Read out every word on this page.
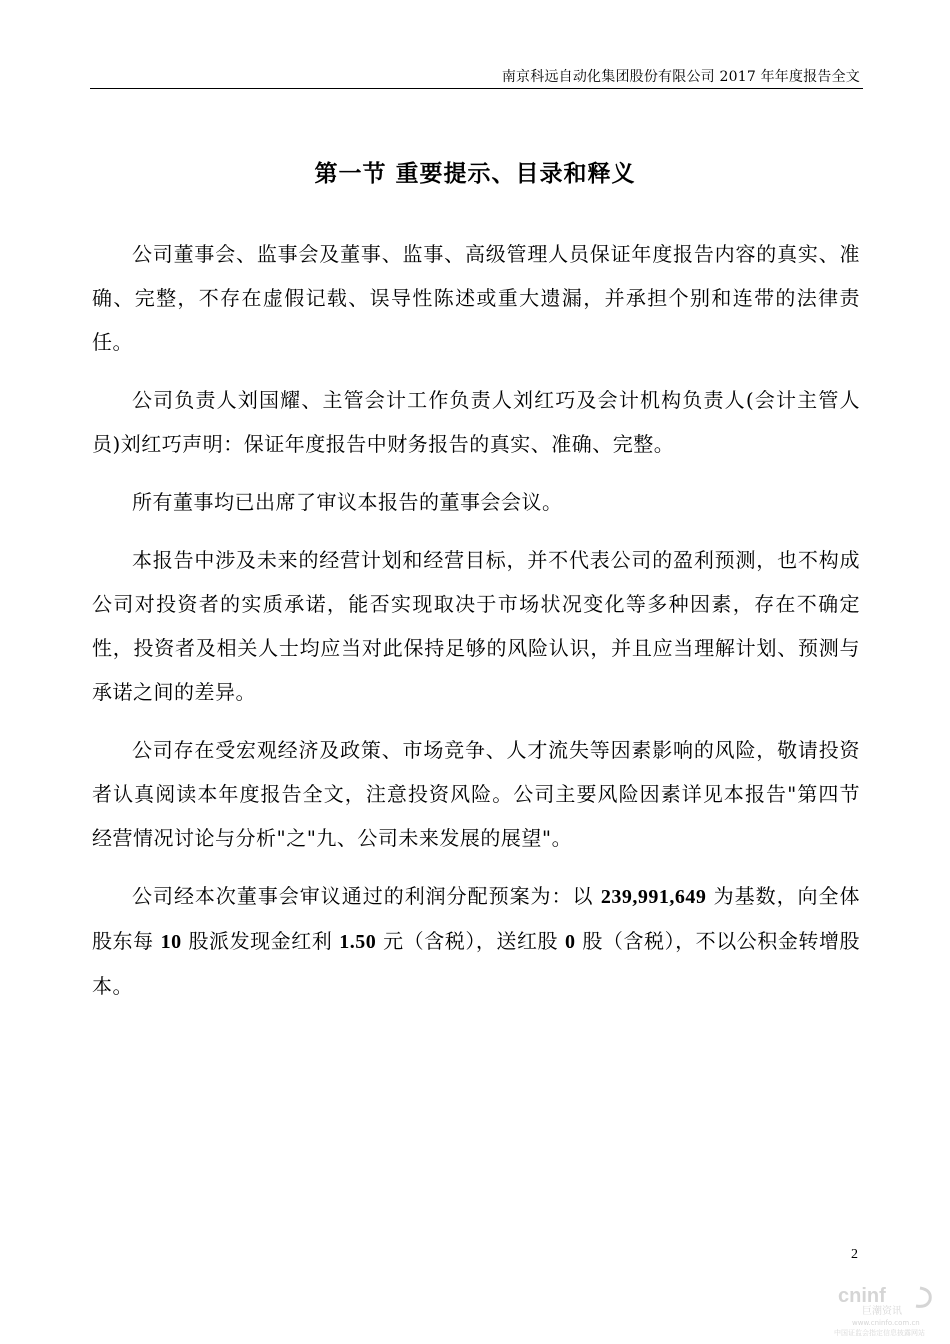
南京科远自动化集团股份有限公司 2017 年年度报告全文
第一节 重要提示、目录和释义

公司董事会、监事会及董事、监事、高级管理人员保证年度报告内容的真实、准确、完整，不存在虚假记载、误导性陈述或重大遗漏，并承担个别和连带的法律责任。

公司负责人刘国耀、主管会计工作负责人刘红巧及会计机构负责人(会计主管人员)刘红巧声明：保证年度报告中财务报告的真实、准确、完整。

所有董事均已出席了审议本报告的董事会会议。

本报告中涉及未来的经营计划和经营目标，并不代表公司的盈利预测，也不构成公司对投资者的实质承诺，能否实现取决于市场状况变化等多种因素，存在不确定性，投资者及相关人士均应当对此保持足够的风险认识，并且应当理解计划、预测与承诺之间的差异。

公司存在受宏观经济及政策、市场竞争、人才流失等因素影响的风险，敬请投资者认真阅读本年度报告全文，注意投资风险。公司主要风险因素详见本报告"第四节 经营情况讨论与分析"之"九、公司未来发展的展望"。

公司经本次董事会审议通过的利润分配预案为：以 239,991,649 为基数，向全体股东每 10 股派发现金红利 1.50 元（含税），送红股 0 股（含税），不以公积金转增股本。

2
cninf
巨潮资讯
www.cninfo.com.cn
中国证监会指定信息披露网站
